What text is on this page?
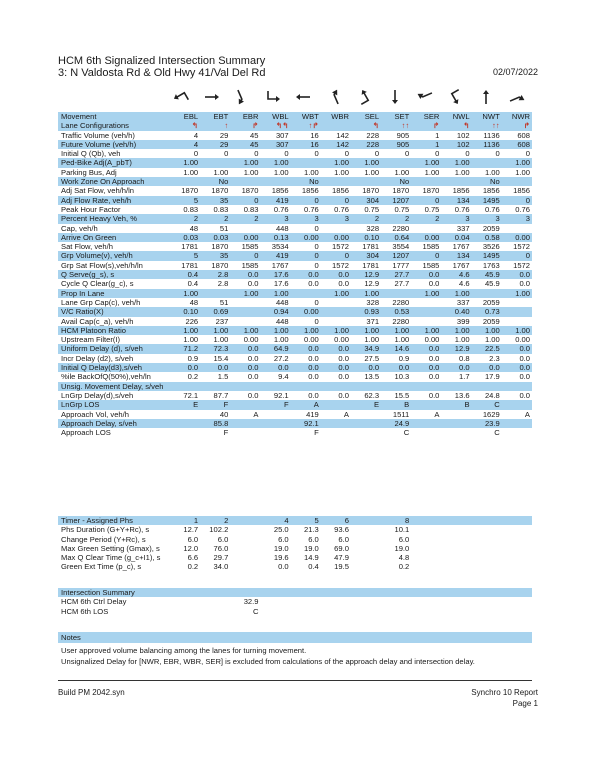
HCM 6th Signalized Intersection Summary
3: N Valdosta Rd & Old Hwy 41/Val Del Rd	02/07/2022
Movement	EBL	EBT	EBR	WBL	WBT	WBR	SEL	SET	SER	NWL	NWT	NWR
Lane Configurations	↰	↑	↱	↰↰	↑↱		↰	↑↑	↱	↰	↑↑	↱
Traffic Volume (veh/h)	4	29	45	307	16	142	228	905	1	102	1136	608
Future Volume (veh/h)	4	29	45	307	16	142	228	905	1	102	1136	608
Initial Q (Qb), veh	0	0	0	0	0	0	0	0	0	0	0	0
Ped-Bike Adj(A_pbT)	1.00		1.00	1.00		1.00	1.00		1.00	1.00		1.00
Parking Bus, Adj	1.00	1.00	1.00	1.00	1.00	1.00	1.00	1.00	1.00	1.00	1.00	1.00
Work Zone On Approach		No			No			No			No	
Adj Sat Flow, veh/h/ln	1870	1870	1870	1856	1856	1856	1870	1870	1870	1856	1856	1856
Adj Flow Rate, veh/h	5	35	0	419	0	0	304	1207	0	134	1495	0
Peak Hour Factor	0.83	0.83	0.83	0.76	0.76	0.76	0.75	0.75	0.75	0.76	0.76	0.76
Percent Heavy Veh, %	2	2	2	3	3	3	2	2	2	3	3	3
Cap, veh/h	48	51		448	0		328	2280		337	2059	
Arrive On Green	0.03	0.03	0.00	0.13	0.00	0.00	0.10	0.64	0.00	0.04	0.58	0.00
Sat Flow, veh/h	1781	1870	1585	3534	0	1572	1781	3554	1585	1767	3526	1572
Grp Volume(v), veh/h	5	35	0	419	0	0	304	1207	0	134	1495	0
Grp Sat Flow(s),veh/h/ln	1781	1870	1585	1767	0	1572	1781	1777	1585	1767	1763	1572
Q Serve(g_s), s	0.4	2.8	0.0	17.6	0.0	0.0	12.9	27.7	0.0	4.6	45.9	0.0
Cycle Q Clear(g_c), s	0.4	2.8	0.0	17.6	0.0	0.0	12.9	27.7	0.0	4.6	45.9	0.0
Prop In Lane	1.00		1.00	1.00		1.00	1.00		1.00	1.00		1.00
Lane Grp Cap(c), veh/h	48	51		448	0		328	2280		337	2059	
V/C Ratio(X)	0.10	0.69		0.94	0.00		0.93	0.53		0.40	0.73	
Avail Cap(c_a), veh/h	226	237		448	0		371	2280		399	2059	
HCM Platoon Ratio	1.00	1.00	1.00	1.00	1.00	1.00	1.00	1.00	1.00	1.00	1.00	1.00
Upstream Filter(I)	1.00	1.00	0.00	1.00	0.00	0.00	1.00	1.00	0.00	1.00	1.00	0.00
Uniform Delay (d), s/veh	71.2	72.3	0.0	64.9	0.0	0.0	34.9	14.6	0.0	12.9	22.5	0.0
Incr Delay (d2), s/veh	0.9	15.4	0.0	27.2	0.0	0.0	27.5	0.9	0.0	0.8	2.3	0.0
Initial Q Delay(d3),s/veh	0.0	0.0	0.0	0.0	0.0	0.0	0.0	0.0	0.0	0.0	0.0	0.0
%ile BackOfQ(50%),veh/ln	0.2	1.5	0.0	9.4	0.0	0.0	13.5	10.3	0.0	1.7	17.9	0.0
Unsig. Movement Delay, s/veh												
LnGrp Delay(d),s/veh	72.1	87.7	0.0	92.1	0.0	0.0	62.3	15.5	0.0	13.6	24.8	0.0
LnGrp LOS	E	F		F	A		E	B		B	C	
Approach Vol, veh/h		40	A		419	A		1511	A		1629	A
Approach Delay, s/veh		85.8			92.1			24.9			23.9	
Approach LOS		F			F			C			C	
Timer - Assigned Phs	1	2		4	5	6		8				
Phs Duration (G+Y+Rc), s	12.7	102.2		25.0	21.3	93.6		10.1				
Change Period (Y+Rc), s	6.0	6.0		6.0	6.0	6.0		6.0				
Max Green Setting (Gmax), s	12.0	76.0		19.0	19.0	69.0		19.0				
Max Q Clear Time (g_c+I1), s	6.6	29.7		19.6	14.9	47.9		4.8				
Green Ext Time (p_c), s	0.2	34.0		0.0	0.4	19.5		0.2				
Intersection Summary												
HCM 6th Ctrl Delay			32.9									
HCM 6th LOS			C									
Notes
User approved volume balancing among the lanes for turning movement.
Unsignalized Delay for [NWR, EBR, WBR, SER] is excluded from calculations of the approach delay and intersection delay.
Build PM 2042.syn	Synchro 10 Report
Page 1
